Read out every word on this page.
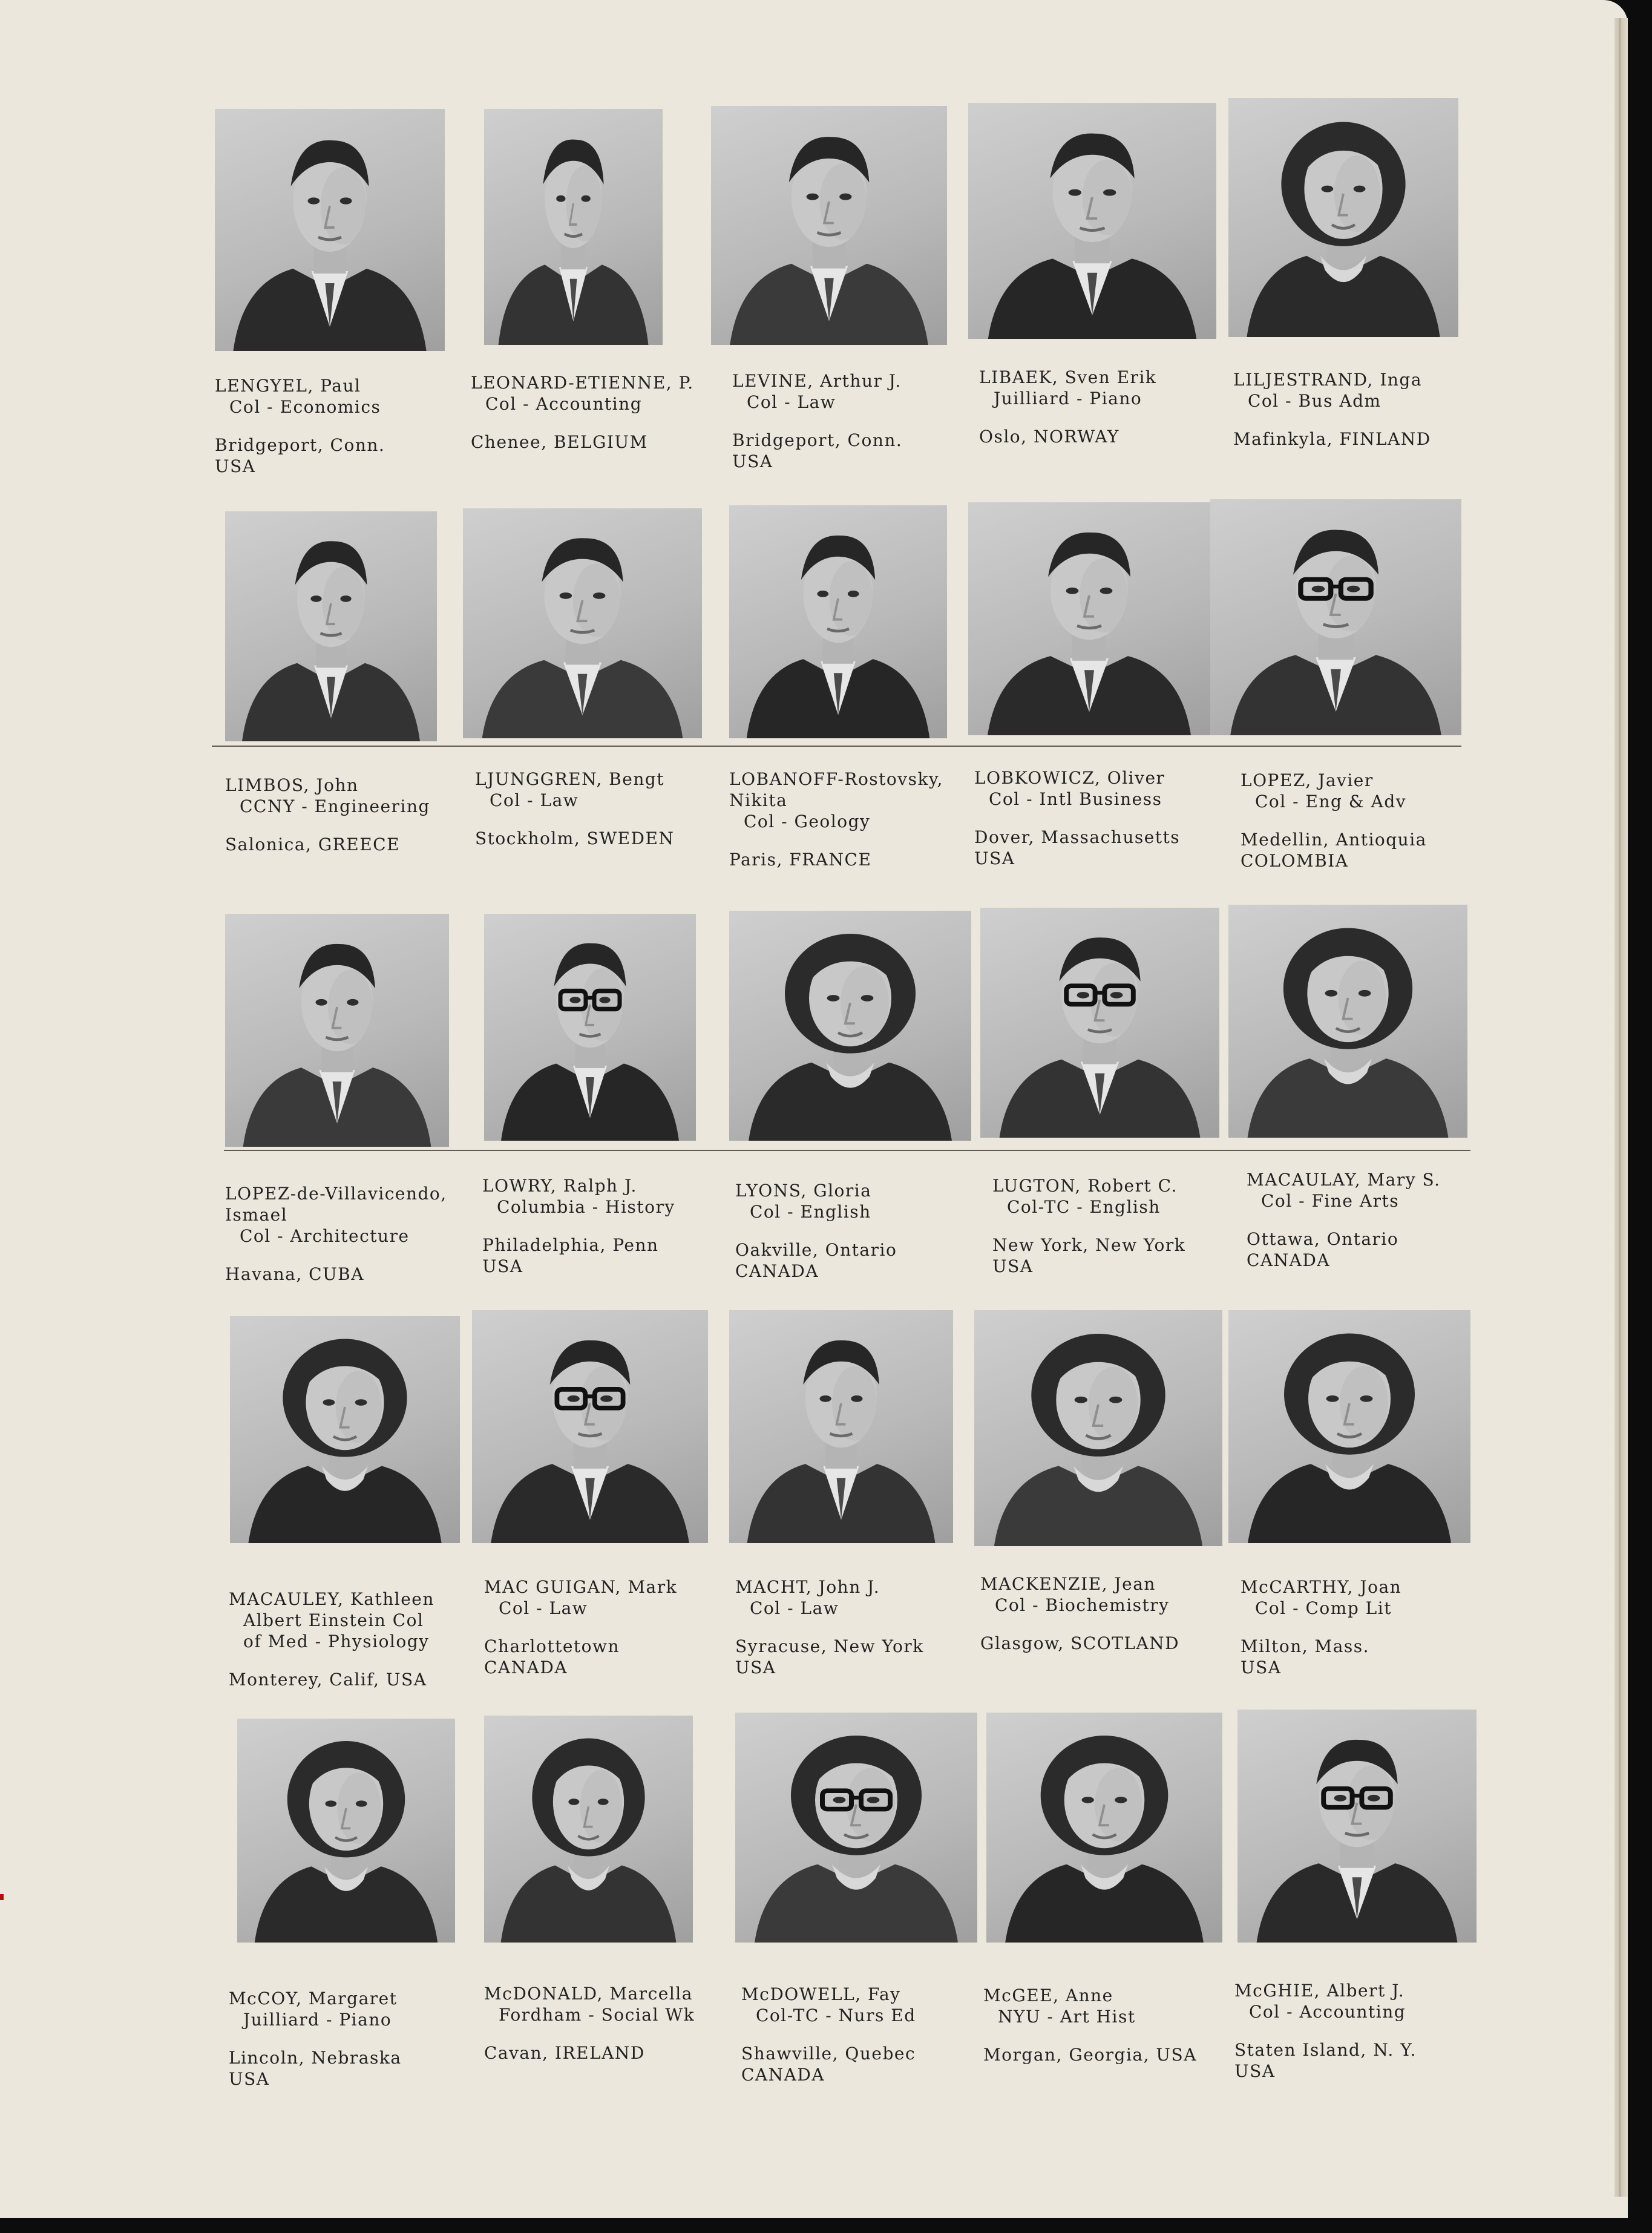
LENGYEL, Paul

Col - Economics

Bridgeport, Conn.

USA

LEONARD-ETIENNE, P.

Col - Accounting

Chenee, BELGIUM

LEVINE, Arthur J.

Col - Law

Bridgeport, Conn.

USA

LIBAEK, Sven Erik

Juilliard - Piano

Oslo, NORWAY

LILJESTRAND, Inga

Col - Bus Adm

Mafinkyla, FINLAND

LIMBOS, John

CCNY - Engineering

Salonica, GREECE

LJUNGGREN, Bengt

Col - Law

Stockholm, SWEDEN

LOBANOFF-Rostovsky,

Nikita

Col - Geology

Paris, FRANCE

LOBKOWICZ, Oliver

Col - Intl Business

Dover, Massachusetts

USA

LOPEZ, Javier

Col - Eng & Adv

Medellin, Antioquia

COLOMBIA

LOPEZ-de-Villavicendo,

Ismael

Col - Architecture

Havana, CUBA

LOWRY, Ralph J.

Columbia - History

Philadelphia, Penn

USA

LYONS, Gloria

Col - English

Oakville, Ontario

CANADA

LUGTON, Robert C.

Col-TC - English

New York, New York

USA

MACAULAY, Mary S.

Col - Fine Arts

Ottawa, Ontario

CANADA

MACAULEY, Kathleen

Albert Einstein Col

of Med - Physiology

Monterey, Calif, USA

MAC GUIGAN, Mark

Col - Law

Charlottetown

CANADA

MACHT, John J.

Col - Law

Syracuse, New York

USA

MACKENZIE, Jean

Col - Biochemistry

Glasgow, SCOTLAND

McCARTHY, Joan

Col - Comp Lit

Milton, Mass.

USA

McCOY, Margaret

Juilliard - Piano

Lincoln, Nebraska

USA

McDONALD, Marcella

Fordham - Social Wk

Cavan, IRELAND

McDOWELL, Fay

Col-TC - Nurs Ed

Shawville, Quebec

CANADA

McGEE, Anne

NYU - Art Hist

Morgan, Georgia, USA

McGHIE, Albert J.

Col - Accounting

Staten Island, N. Y.

USA
